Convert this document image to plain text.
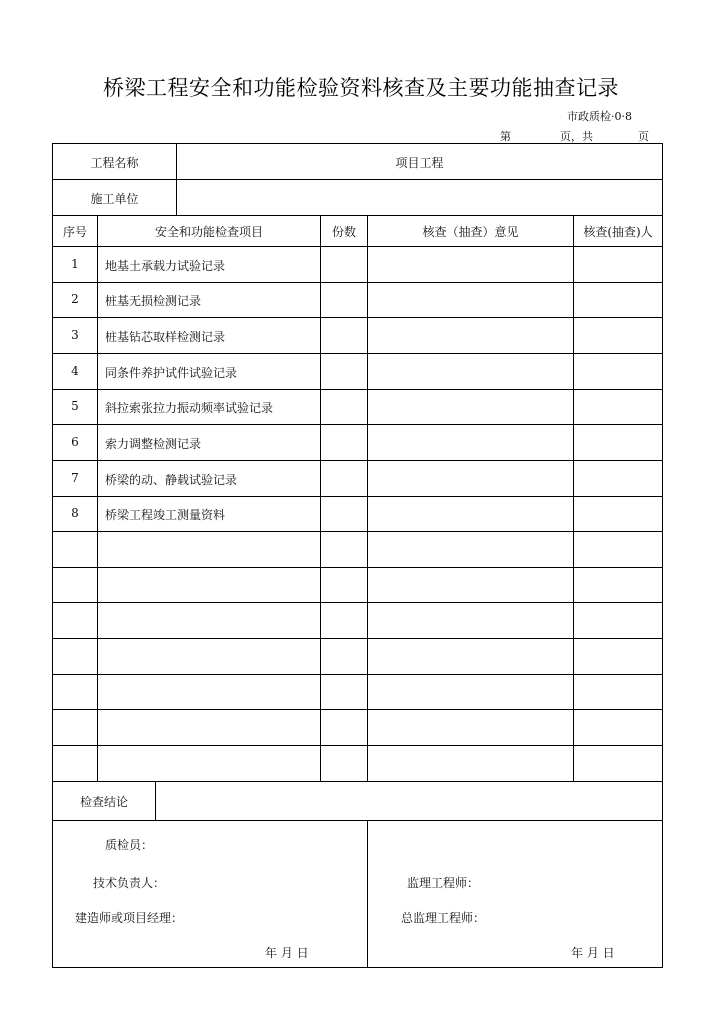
桥梁工程安全和功能检验资料核查及主要功能抽查记录
市政质检·0·8
第	页，共	页
工程名称	项目工程
施工单位
序号	安全和功能检查项目	份数	核查（抽查）意见	核查(抽查)人
1	地基土承载力试验记录
2	桩基无损检测记录
3	桩基钻芯取样检测记录
4	同条件养护试件试验记录
5	斜拉索张拉力振动频率试验记录
6	索力调整检测记录
7	桥梁的动、静载试验记录
8	桥梁工程竣工测量资料
检查结论
质检员：
技术负责人：
建造师或项目经理：
年 月 日
监理工程师：
总监理工程师：
年 月 日
